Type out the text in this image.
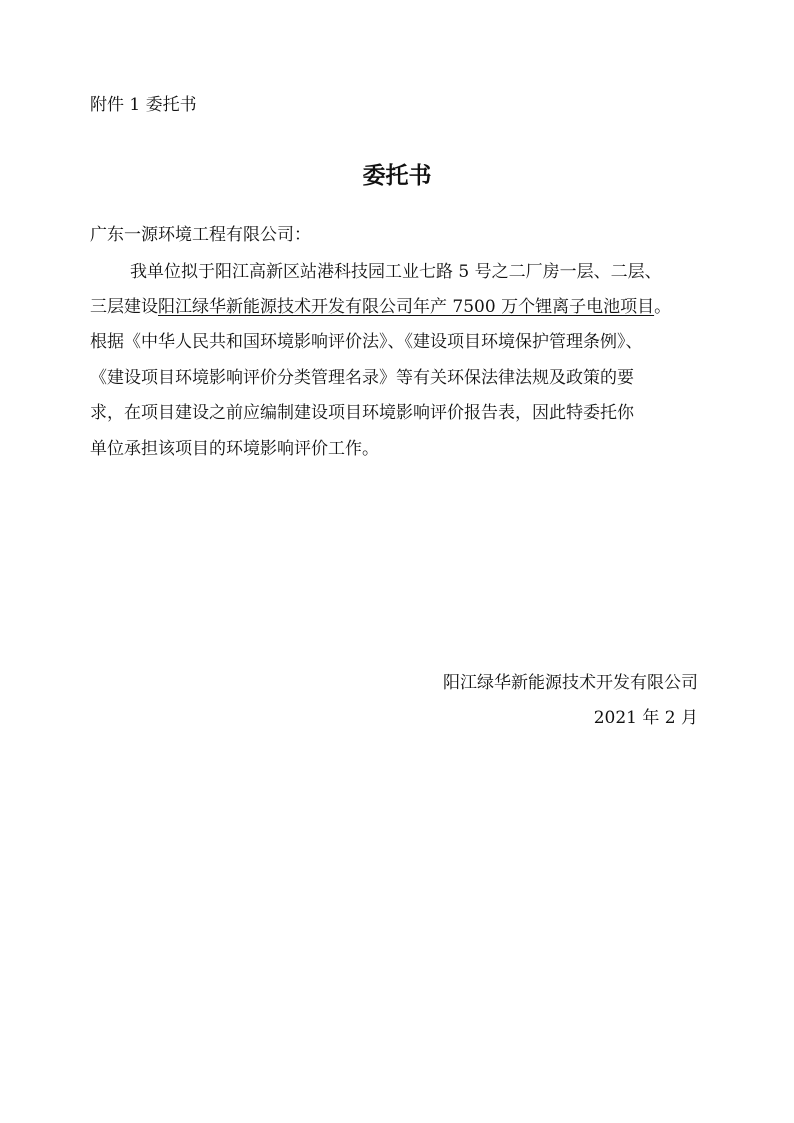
附件 1 委托书
委托书
广东一源环境工程有限公司：
我单位拟于阳江高新区站港科技园工业七路 5 号之二厂房一层、二层、
三层建设阳江绿华新能源技术开发有限公司年产 7500 万个锂离子电池项目。
根据《中华人民共和国环境影响评价法》、《建设项目环境保护管理条例》、
《建设项目环境影响评价分类管理名录》等有关环保法律法规及政策的要
求，在项目建设之前应编制建设项目环境影响评价报告表，因此特委托你
单位承担该项目的环境影响评价工作。
阳江绿华新能源技术开发有限公司
2021 年 2 月
